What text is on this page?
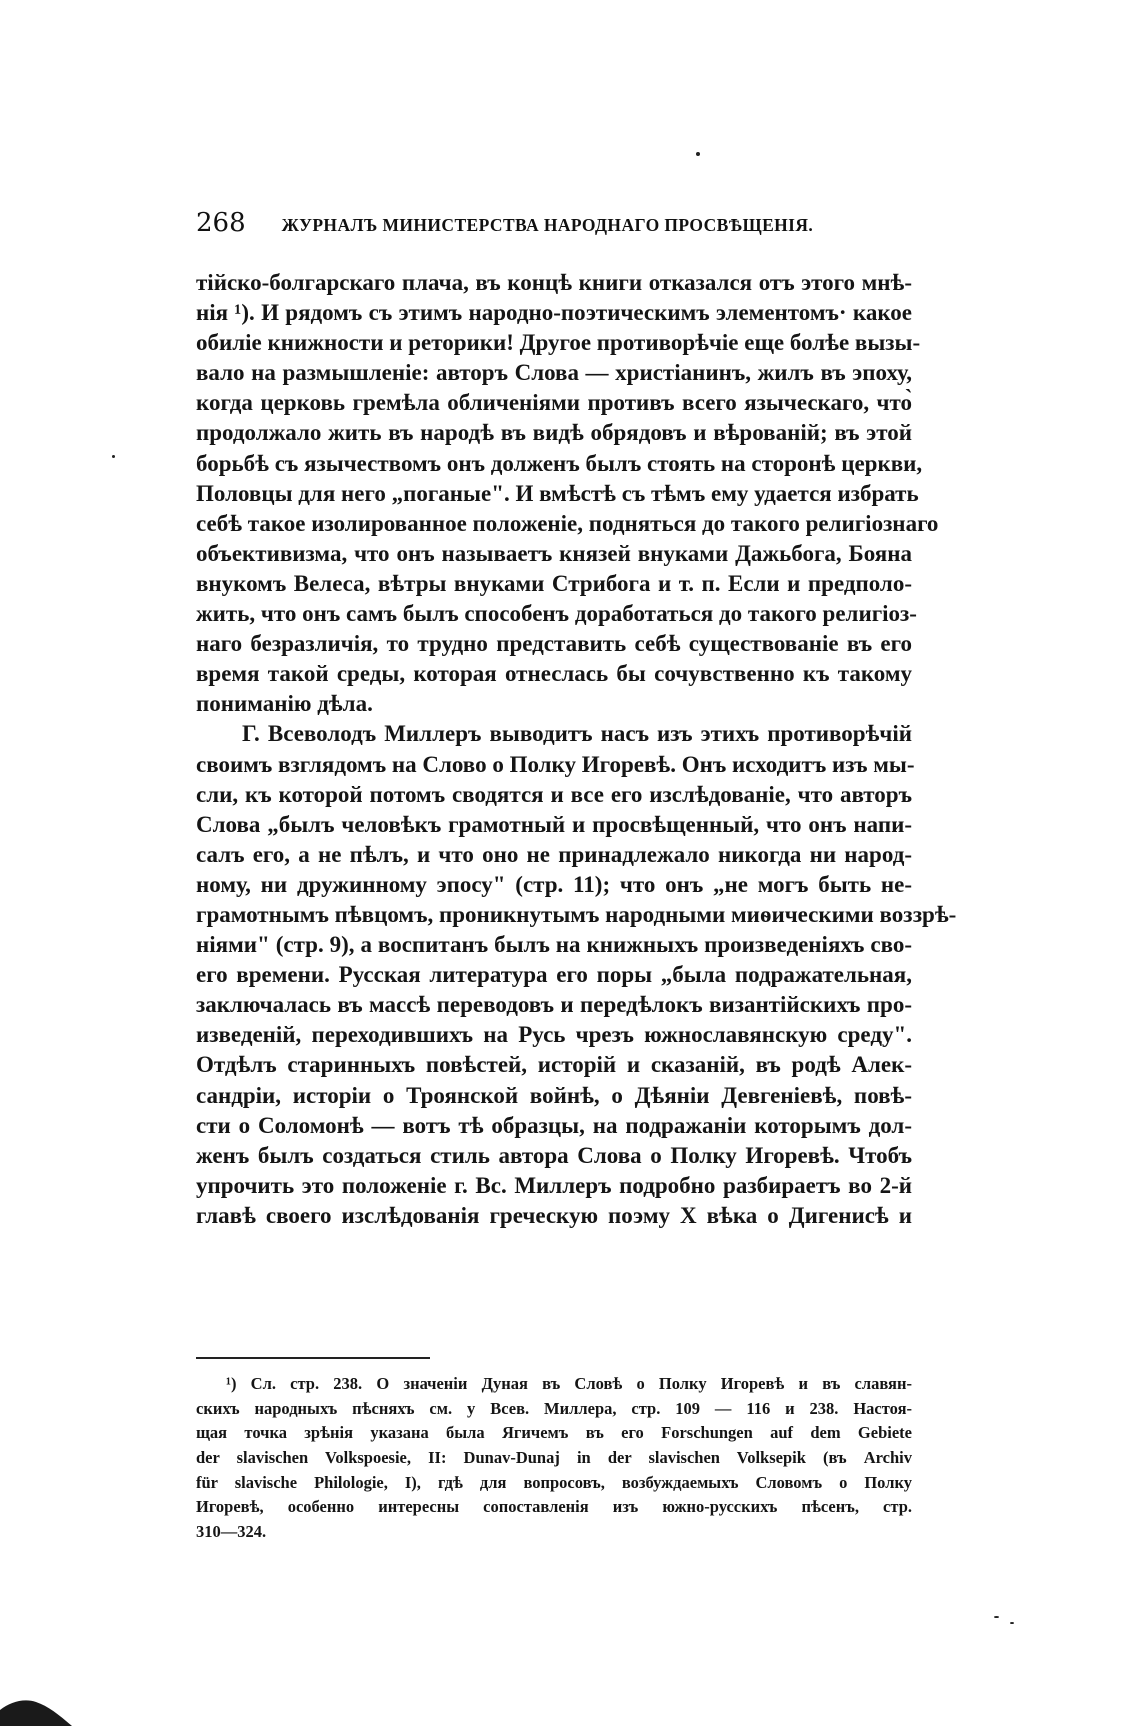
268 ЖУРНАЛЪ МИНИСТЕРСТВА НАРОДНАГО ПРОСВѢЩЕНІЯ.
тійско-болгарскаго плача, въ концѣ книги отказался отъ этого мнѣ-
нія ¹). И рядомъ съ этимъ народно-поэтическимъ элементомъ· какое
обиліе книжности и реторики! Другое противорѣчіе еще болѣе вызы-
вало на размышленіе: авторъ Слова — христіанинъ, жилъ въ эпоху,
когда церковь гремѣла обличеніями противъ всего языческаго, что̀
продолжало жить въ народѣ въ видѣ обрядовъ и вѣрованій; въ этой
борьбѣ съ язычествомъ онъ долженъ былъ стоять на сторонѣ церкви,
Половцы для него „поганые". И вмѣстѣ съ тѣмъ ему удается избрать
себѣ такое изолированное положеніе, подняться до такого религіознаго
объективизма, что онъ называетъ князей внуками Дажьбога, Бояна
внукомъ Велеса, вѣтры внуками Стрибога и т. п. Если и предполо-
жить, что онъ самъ былъ способенъ доработаться до такого религіоз-
наго безразличія, то трудно представить себѣ существованіе въ его
время такой среды, которая отнеслась бы сочувственно къ такому
пониманію дѣла.
Г. Всеволодъ Миллеръ выводитъ насъ изъ этихъ противорѣчій
своимъ взглядомъ на Слово о Полку Игоревѣ. Онъ исходитъ изъ мы-
сли, къ которой потомъ сводятся и все его изслѣдованіе, что авторъ
Слова „былъ человѣкъ грамотный и просвѣщенный, что онъ напи-
салъ его, а не пѣлъ, и что оно не принадлежало никогда ни народ-
ному, ни дружинному эпосу" (стр. 11); что онъ „не могъ быть не-
грамотнымъ пѣвцомъ, проникнутымъ народными миѳическими воззрѣ-
ніями" (стр. 9), а воспитанъ былъ на книжныхъ произведеніяхъ сво-
его времени. Русская литература его поры „была подражательная,
заключалась въ массѣ переводовъ и передѣлокъ византійскихъ про-
изведеній, переходившихъ на Русь чрезъ южнославянскую среду".
Отдѣлъ старинныхъ повѣстей, исторій и сказаній, въ родѣ Алек-
сандріи, исторіи о Троянской войнѣ, о Дѣяніи Девгеніевѣ, повѣ-
сти о Соломонѣ — вотъ тѣ образцы, на подражаніи которымъ дол-
женъ былъ создаться стиль автора Слова о Полку Игоревѣ. Чтобъ
упрочить это положеніе г. Вс. Миллеръ подробно разбираетъ во 2-й
главѣ своего изслѣдованія греческую поэму X вѣка о Дигенисѣ и
¹) Сл. стр. 238. О значеніи Дуная въ Словѣ о Полку Игоревѣ и въ славян-
скихъ народныхъ пѣсняхъ см. у Всев. Миллера, стр. 109 — 116 и 238. Настоя-
щая точка зрѣнія указана была Ягичемъ въ его Forschungen auf dem Gebiete
der slavischen Volkspoesie, II: Dunav-Dunaj in der slavischen Volksepik (въ Archiv
für slavische Philologie, I), гдѣ для вопросовъ, возбуждаемыхъ Словомъ о Полку
Игоревѣ, особенно интересны сопоставленія изъ южно-русскихъ пѣсенъ, стр.
310—324.
